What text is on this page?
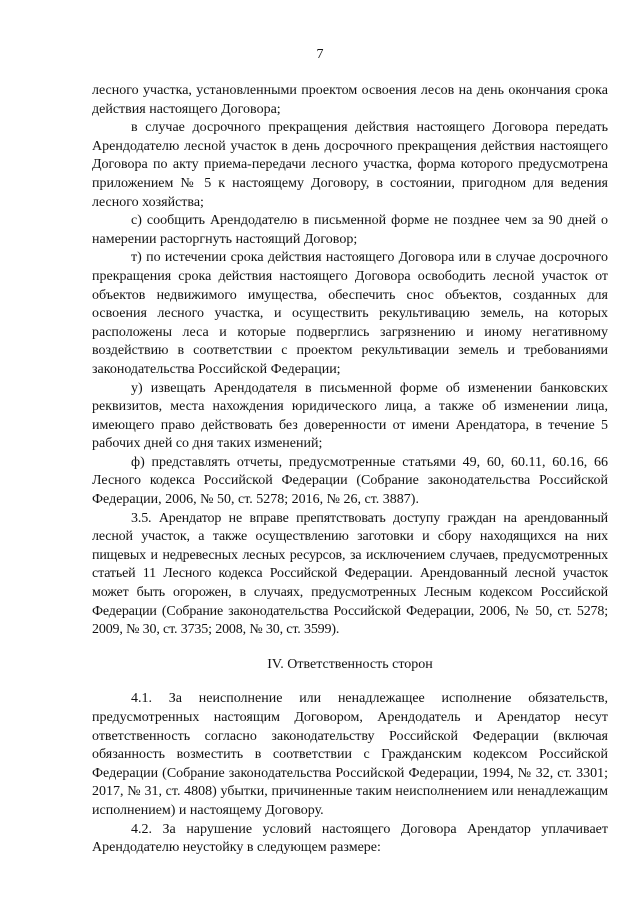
7

лесного участка, установленными проектом освоения лесов на день окончания срока действия настоящего Договора;

в случае досрочного прекращения действия настоящего Договора передать Арендодателю лесной участок в день досрочного прекращения действия настоящего Договора по акту приема-передачи лесного участка, форма которого предусмотрена приложением № 5 к настоящему Договору, в состоянии, пригодном для ведения лесного хозяйства;

с) сообщить Арендодателю в письменной форме не позднее чем за 90 дней о намерении расторгнуть настоящий Договор;

т) по истечении срока действия настоящего Договора или в случае досрочного прекращения срока действия настоящего Договора освободить лесной участок от объектов недвижимого имущества, обеспечить снос объектов, созданных для освоения лесного участка, и осуществить рекультивацию земель, на которых расположены леса и которые подверглись загрязнению и иному негативному воздействию в соответствии с проектом рекультивации земель и требованиями законодательства Российской Федерации;

у) извещать Арендодателя в письменной форме об изменении банковских реквизитов, места нахождения юридического лица, а также об изменении лица, имеющего право действовать без доверенности от имени Арендатора, в течение 5 рабочих дней со дня таких изменений;

ф) представлять отчеты, предусмотренные статьями 49, 60, 60.11, 60.16, 66 Лесного кодекса Российской Федерации (Собрание законодательства Российской Федерации, 2006, № 50, ст. 5278; 2016, № 26, ст. 3887).

3.5. Арендатор не вправе препятствовать доступу граждан на арендованный лесной участок, а также осуществлению заготовки и сбору находящихся на них пищевых и недревесных лесных ресурсов, за исключением случаев, предусмотренных статьей 11 Лесного кодекса Российской Федерации. Арендованный лесной участок может быть огорожен, в случаях, предусмотренных Лесным кодексом Российской Федерации (Собрание законодательства Российской Федерации, 2006, № 50, ст. 5278; 2009, № 30, ст. 3735; 2008, № 30, ст. 3599).

IV. Ответственность сторон

4.1. За неисполнение или ненадлежащее исполнение обязательств, предусмотренных настоящим Договором, Арендодатель и Арендатор несут ответственность согласно законодательству Российской Федерации (включая обязанность возместить в соответствии с Гражданским кодексом Российской Федерации (Собрание законодательства Российской Федерации, 1994, № 32, ст. 3301; 2017, № 31, ст. 4808) убытки, причиненные таким неисполнением или ненадлежащим исполнением) и настоящему Договору.

4.2. За нарушение условий настоящего Договора Арендатор уплачивает Арендодателю неустойку в следующем размере:
